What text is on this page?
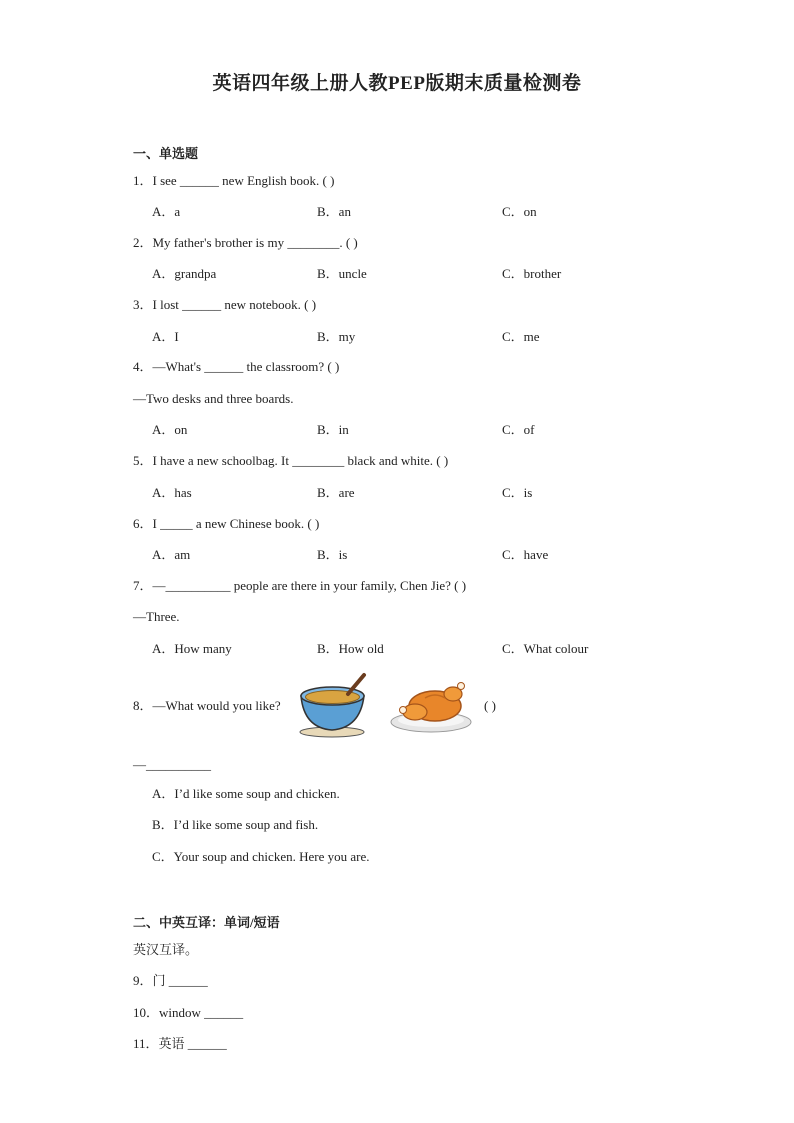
英语四年级上册人教PEP版期末质量检测卷
一、单选题
1．I see ______ new English book. ( )
A．a	B．an	C．on
2．My father's brother is my ________. ( )
A．grandpa	B．uncle	C．brother
3．I lost ______ new notebook. ( )
A．I	B．my	C．me
4．—What's ______ the classroom? ( )
—Two desks and three boards.
A．on	B．in	C．of
5．I have a new schoolbag. It ________ black and white. ( )
A．has	B．are	C．is
6．I _____ a new Chinese book. ( )
A．am	B．is	C．have
7．—__________ people are there in your family, Chen Jie? ( )
—Three.
A．How many	B．How old	C．What colour
8．—What would you like?	( )
—__________
A．I’d like some soup and chicken.
B．I’d like some soup and fish.
C．Your soup and chicken. Here you are.
二、中英互译：单词/短语
英汉互译。
9．门 ______
10．window ______
11．英语 ______
